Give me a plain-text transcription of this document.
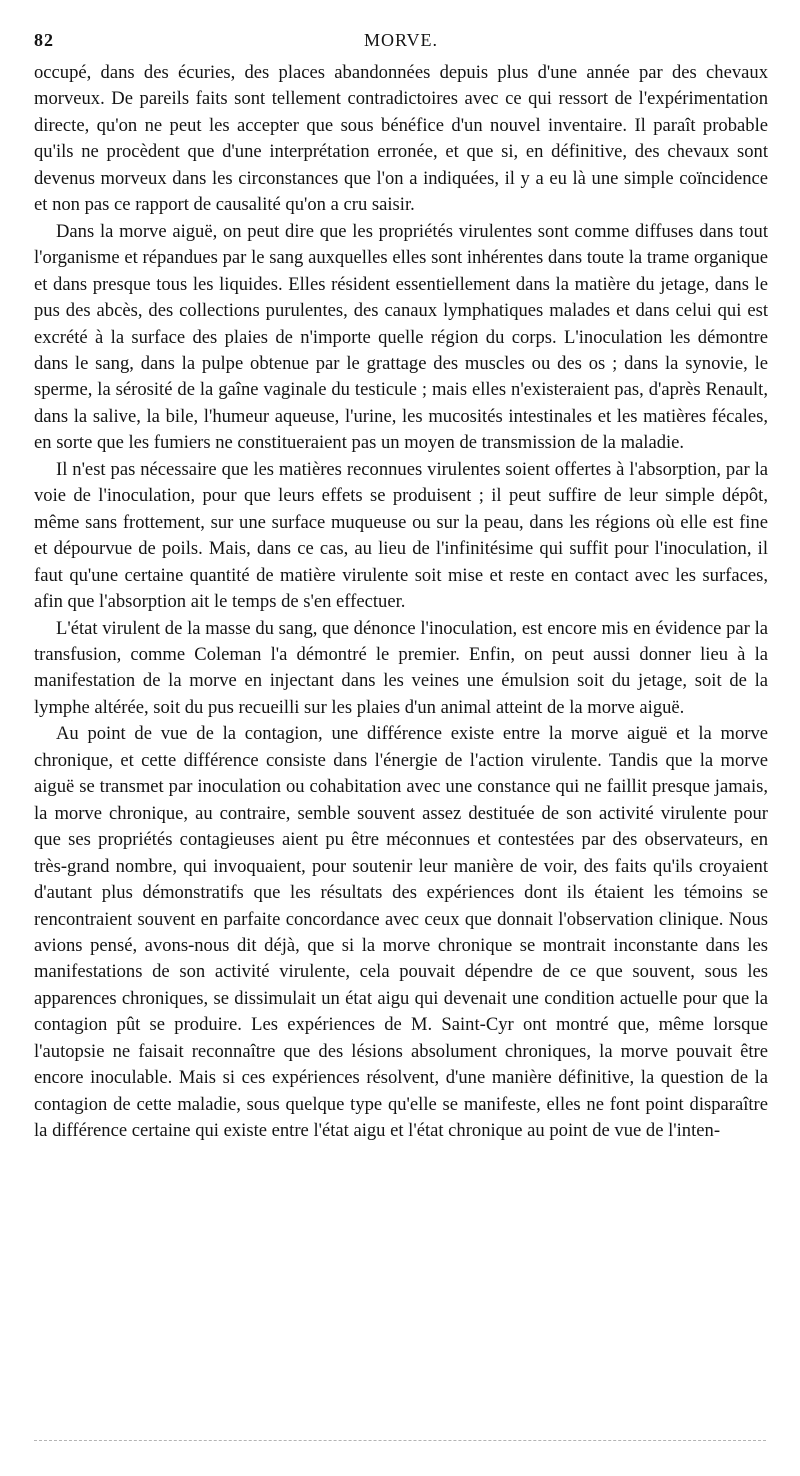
82	MORVE.

occupé, dans des écuries, des places abandonnées depuis plus d'une année par des chevaux morveux. De pareils faits sont tellement contradictoires avec ce qui ressort de l'expérimentation directe, qu'on ne peut les accepter que sous bénéfice d'un nouvel inventaire. Il paraît probable qu'ils ne procèdent que d'une interprétation erronée, et que si, en définitive, des chevaux sont devenus morveux dans les circonstances que l'on a indiquées, il y a eu là une simple coïncidence et non pas ce rapport de causalité qu'on a cru saisir.

Dans la morve aiguë, on peut dire que les propriétés virulentes sont comme diffuses dans tout l'organisme et répandues par le sang auxquelles elles sont inhérentes dans toute la trame organique et dans presque tous les liquides. Elles résident essentiellement dans la matière du jetage, dans le pus des abcès, des collections purulentes, des canaux lymphatiques malades et dans celui qui est excrété à la surface des plaies de n'importe quelle région du corps. L'inoculation les démontre dans le sang, dans la pulpe obtenue par le grattage des muscles ou des os ; dans la synovie, le sperme, la sérosité de la gaîne vaginale du testicule ; mais elles n'existeraient pas, d'après Renault, dans la salive, la bile, l'humeur aqueuse, l'urine, les mucosités intestinales et les matières fécales, en sorte que les fumiers ne constitueraient pas un moyen de transmission de la maladie.

Il n'est pas nécessaire que les matières reconnues virulentes soient offertes à l'absorption, par la voie de l'inoculation, pour que leurs effets se produisent ; il peut suffire de leur simple dépôt, même sans frottement, sur une surface muqueuse ou sur la peau, dans les régions où elle est fine et dépourvue de poils. Mais, dans ce cas, au lieu de l'infinitésime qui suffit pour l'inoculation, il faut qu'une certaine quantité de matière virulente soit mise et reste en contact avec les surfaces, afin que l'absorption ait le temps de s'en effectuer.

L'état virulent de la masse du sang, que dénonce l'inoculation, est encore mis en évidence par la transfusion, comme Coleman l'a démontré le premier. Enfin, on peut aussi donner lieu à la manifestation de la morve en injectant dans les veines une émulsion soit du jetage, soit de la lymphe altérée, soit du pus recueilli sur les plaies d'un animal atteint de la morve aiguë.

Au point de vue de la contagion, une différence existe entre la morve aiguë et la morve chronique, et cette différence consiste dans l'énergie de l'action virulente. Tandis que la morve aiguë se transmet par inoculation ou cohabitation avec une constance qui ne faillit presque jamais, la morve chronique, au contraire, semble souvent assez destituée de son activité virulente pour que ses propriétés contagieuses aient pu être méconnues et contestées par des observateurs, en très-grand nombre, qui invoquaient, pour soutenir leur manière de voir, des faits qu'ils croyaient d'autant plus démonstratifs que les résultats des expériences dont ils étaient les témoins se rencontraient souvent en parfaite concordance avec ceux que donnait l'observation clinique. Nous avions pensé, avons-nous dit déjà, que si la morve chronique se montrait inconstante dans les manifestations de son activité virulente, cela pouvait dépendre de ce que souvent, sous les apparences chroniques, se dissimulait un état aigu qui devenait une condition actuelle pour que la contagion pût se produire. Les expériences de M. Saint-Cyr ont montré que, même lorsque l'autopsie ne faisait reconnaître que des lésions absolument chroniques, la morve pouvait être encore inoculable. Mais si ces expériences résolvent, d'une manière définitive, la question de la contagion de cette maladie, sous quelque type qu'elle se manifeste, elles ne font point disparaître la différence certaine qui existe entre l'état aigu et l'état chronique au point de vue de l'inten-
